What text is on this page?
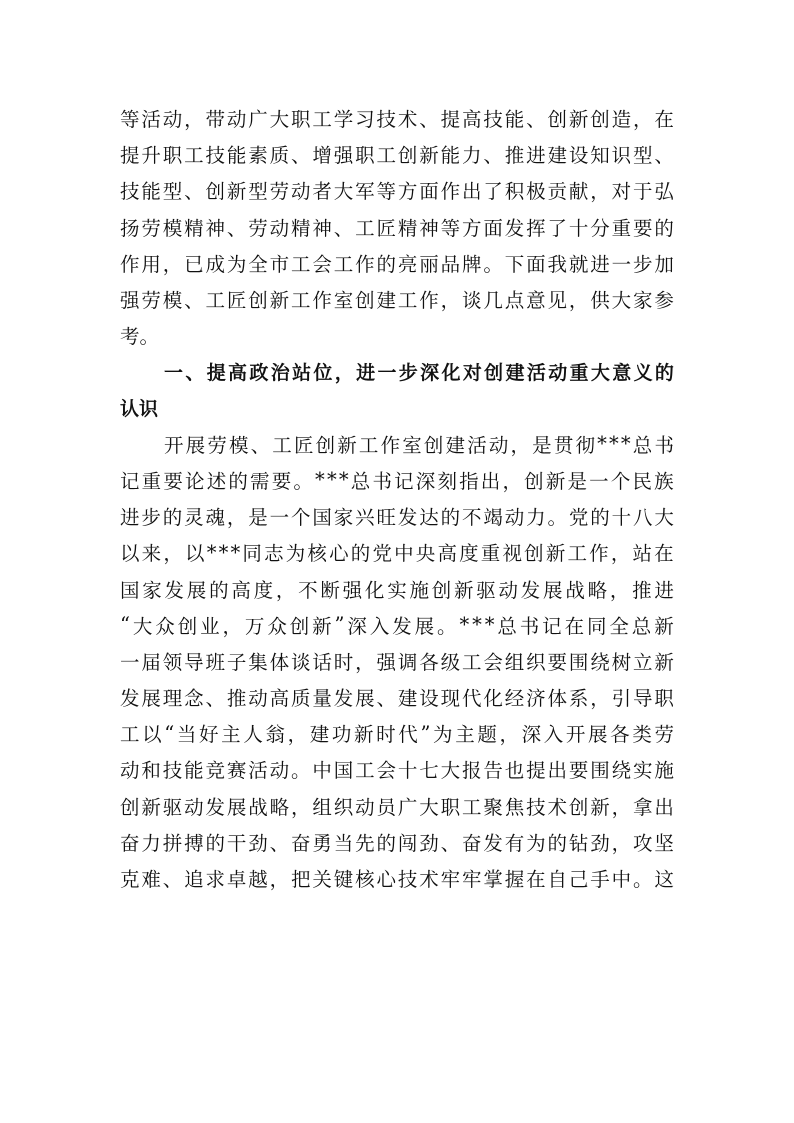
等 活 动 ， 带 动 广 大 职 工 学 习 技 术 、 提 高 技 能 、 创 新 创 造 ， 在
提 升 职 工 技 能 素 质 、 增 强 职 工 创 新 能 力 、 推 进 建 设 知 识 型 、
技 能 型 、 创 新 型 劳 动 者 大 军 等 方 面 作 出 了 积 极 贡 献 ， 对 于 弘
扬 劳 模 精 神 、 劳 动 精 神 、 工 匠 精 神 等 方 面 发 挥 了 十 分 重 要 的
作 用 ， 已 成 为 全 市 工 会 工 作 的 亮 丽 品 牌 。 下 面 我 就 进 一 步 加
强 劳 模 、 工 匠 创 新 工 作 室 创 建 工 作 ， 谈 几 点 意 见 ， 供 大 家 参
考。
一 、 提 高 政 治 站 位 ， 进 一 步 深 化 对 创 建 活 动 重 大 意 义 的
认识
开 展 劳 模 、 工 匠 创 新 工 作 室 创 建 活 动 ， 是 贯 彻 * * * 总 书
记 重 要 论 述 的 需 要 。 * * * 总 书 记 深 刻 指 出 ， 创 新 是 一 个 民 族
进 步 的 灵 魂 ， 是 一 个 国 家 兴 旺 发 达 的 不 竭 动 力 。 党 的 十 八 大
以 来 ， 以 * * * 同 志 为 核 心 的 党 中 央 高 度 重 视 创 新 工 作 ， 站 在
国 家 发 展 的 高 度 ， 不 断 强 化 实 施 创 新 驱 动 发 展 战 略 ， 推 进
“ 大 众 创 业 ， 万 众 创 新 ” 深 入 发 展 。 * * * 总 书 记 在 同 全 总 新
一 届 领 导 班 子 集 体 谈 话 时 ， 强 调 各 级 工 会 组 织 要 围 绕 树 立 新
发 展 理 念 、 推 动 高 质 量 发 展 、 建 设 现 代 化 经 济 体 系 ， 引 导 职
工 以 “ 当 好 主 人 翁 ， 建 功 新 时 代 ” 为 主 题 ， 深 入 开 展 各 类 劳
动 和 技 能 竞 赛 活 动 。 中 国 工 会 十 七 大 报 告 也 提 出 要 围 绕 实 施
创 新 驱 动 发 展 战 略 ， 组 织 动 员 广 大 职 工 聚 焦 技 术 创 新 ， 拿 出
奋 力 拼 搏 的 干 劲 、 奋 勇 当 先 的 闯 劲 、 奋 发 有 为 的 钻 劲 ， 攻 坚
克 难 、 追 求 卓 越 ， 把 关 键 核 心 技 术 牢 牢 掌 握 在 自 己 手 中 。 这
